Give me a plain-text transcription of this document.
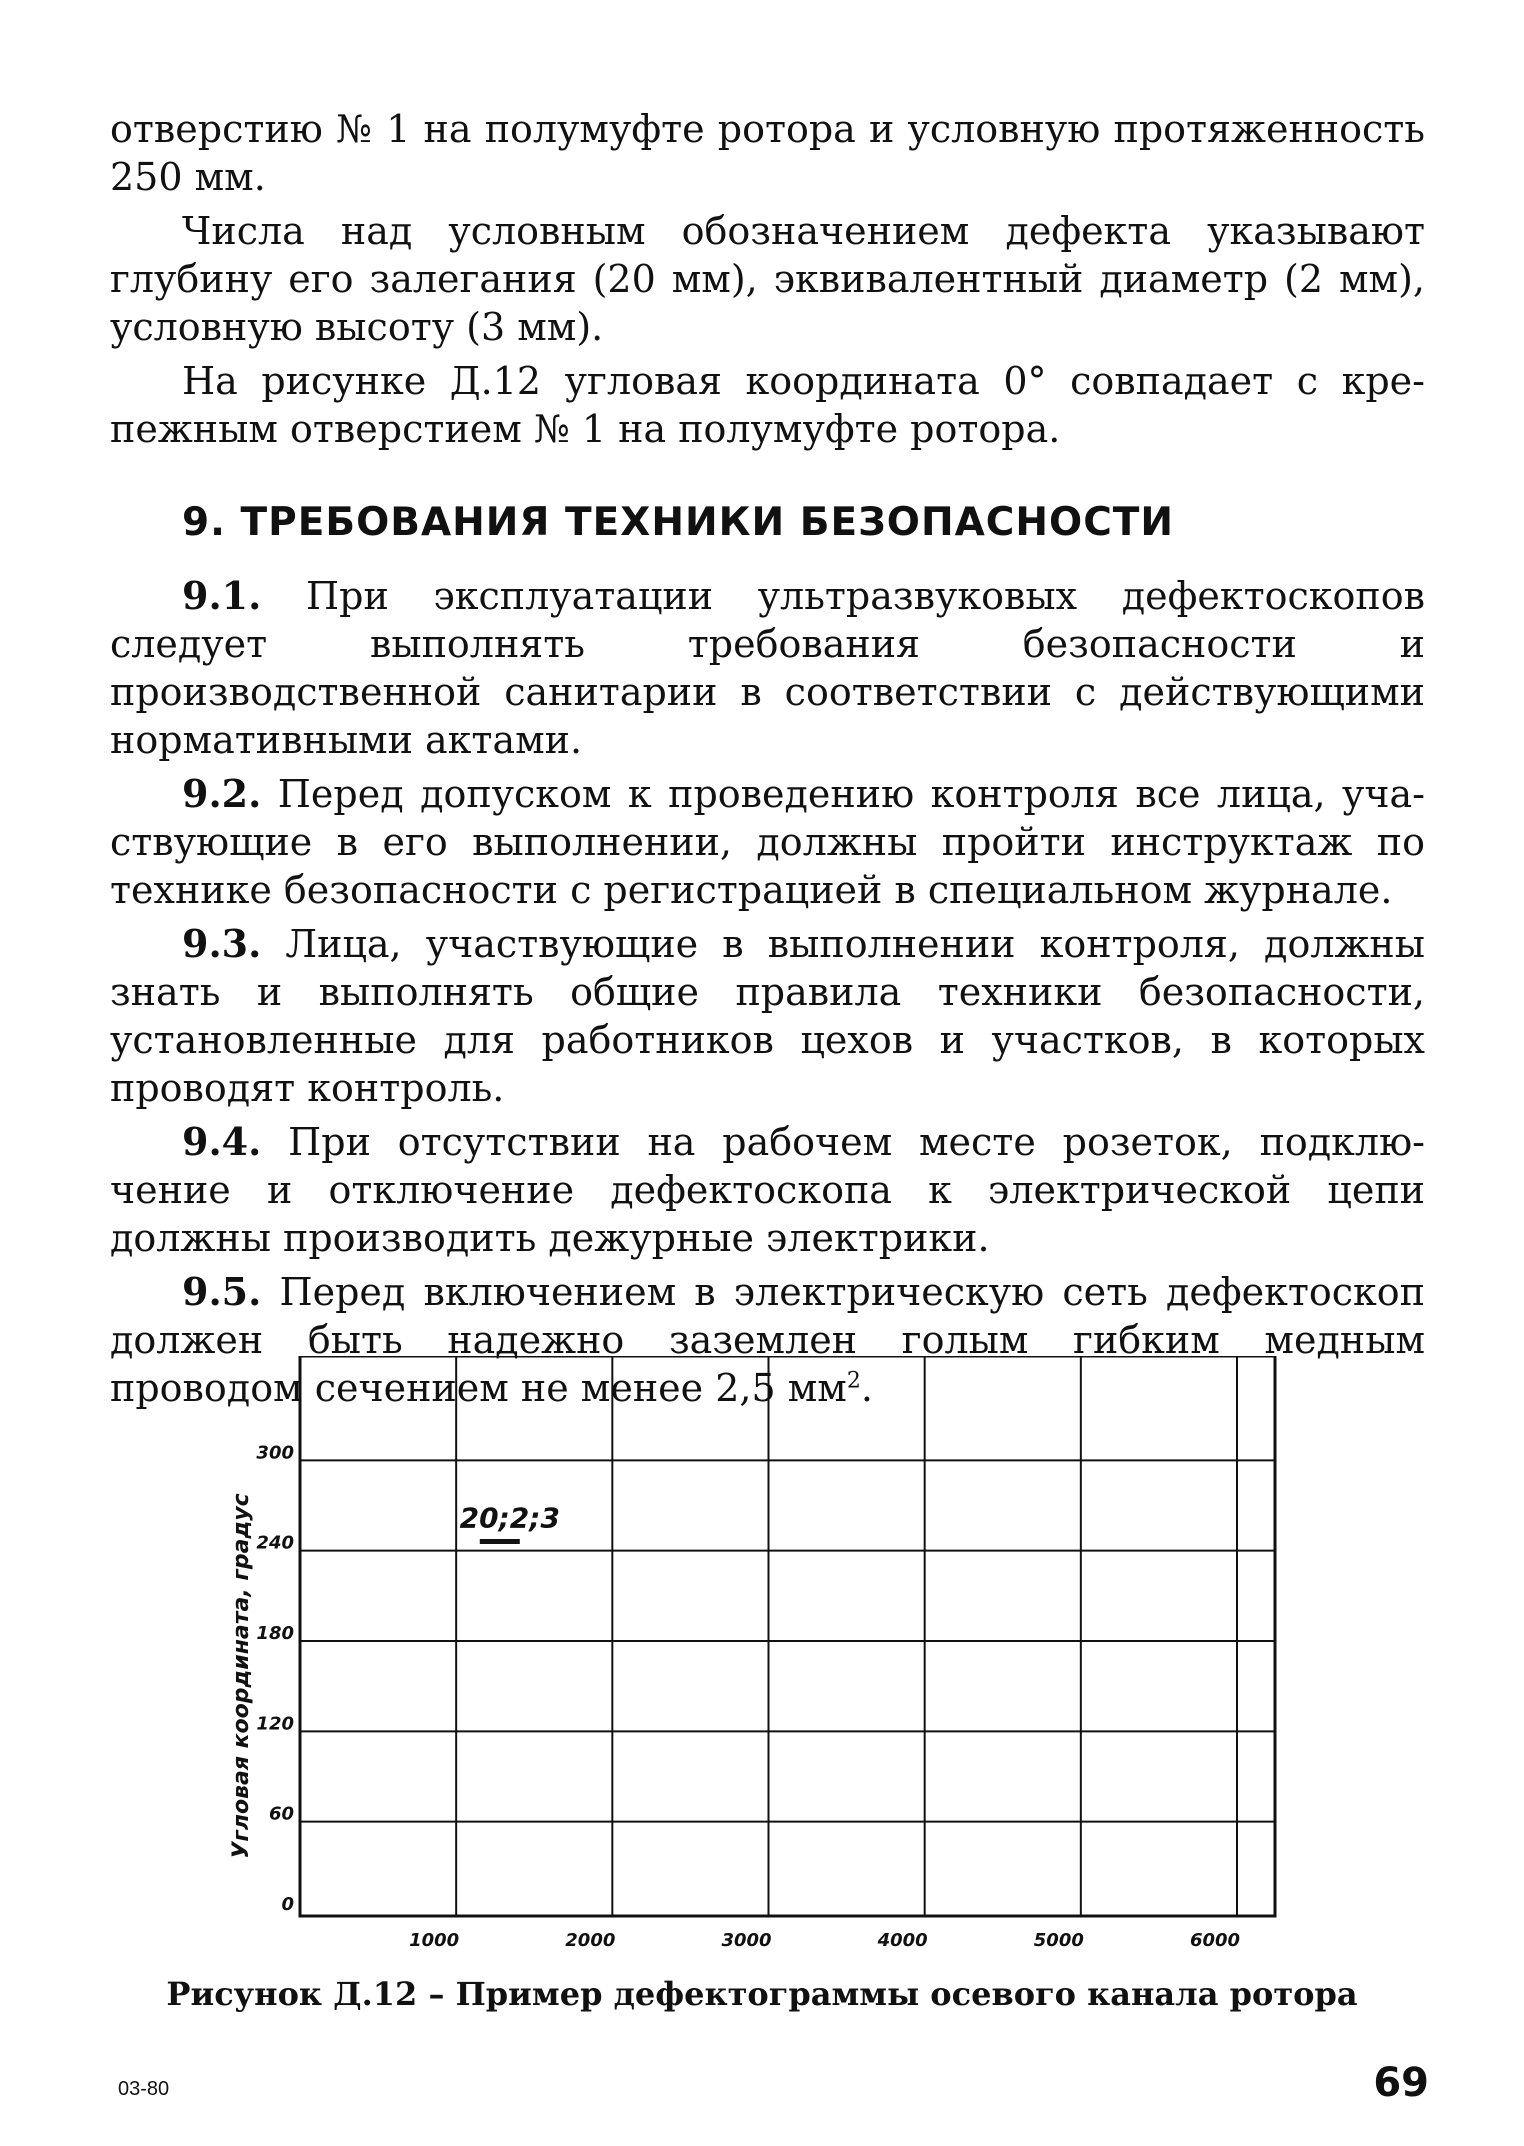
отверстию № 1 на полумуфте ротора и условную протяженность 250 мм.

Числа над условным обозначением дефекта указывают глубину его залегания (20 мм), эквивалентный диаметр (2 мм), условную высоту (3 мм).

На рисунке Д.12 угловая координата 0° совпадает с крепежным отверстием № 1 на полумуфте ротора.

9. ТРЕБОВАНИЯ ТЕХНИКИ БЕЗОПАСНОСТИ

9.1. При эксплуатации ультразвуковых дефектоскопов следует выполнять требования безопасности и производственной санитарии в соответствии с действующими нормативными актами.

9.2. Перед допуском к проведению контроля все лица, участвующие в его выполнении, должны пройти инструктаж по технике безопасности с регистрацией в специальном журнале.

9.3. Лица, участвующие в выполнении контроля, должны знать и выполнять общие правила техники безопасности, установленные для работников цехов и участков, в которых проводят контроль.

9.4. При отсутствии на рабочем месте розеток, подключение и отключение дефектоскопа к электрической цепи должны производить дежурные электрики.

9.5. Перед включением в электрическую сеть дефектоскоп должен быть надежно заземлен голым гибким медным проводом сечением не менее 2,5 $мм^2$.

1000	2000	3000	4000	5000	6000
0
60
120
180
240
300
Угловая координата, градус	20;2;3
Рисунок Д.12 – Пример дефектограммы осевого канала ротора
03-80	69
